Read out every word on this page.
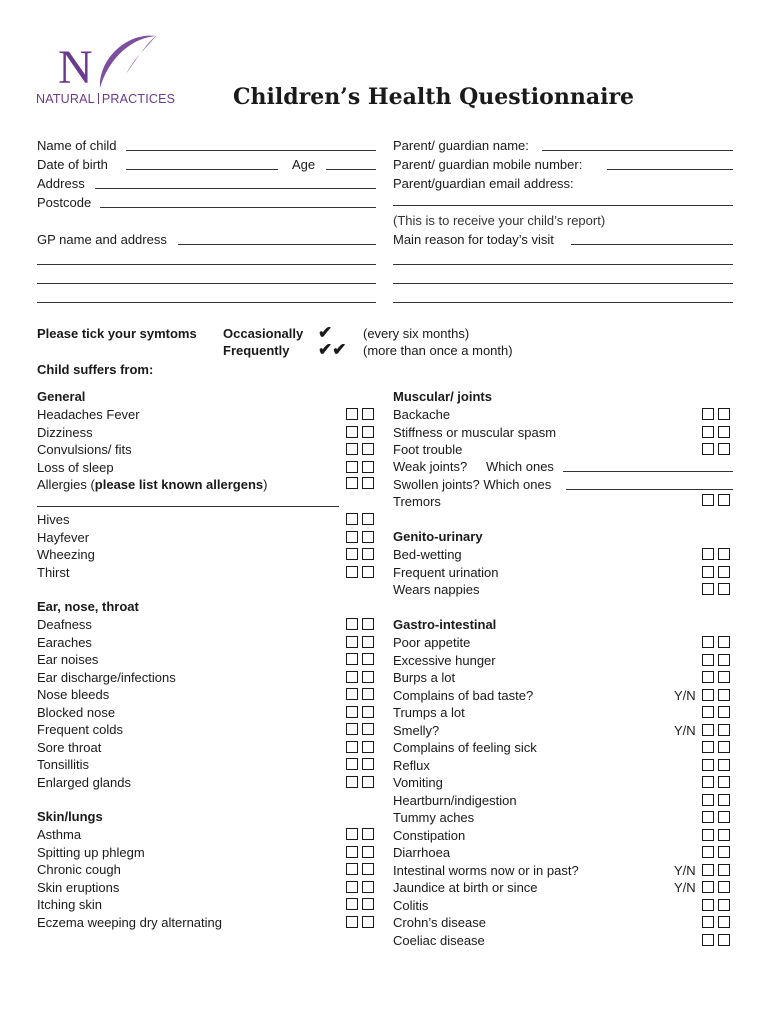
N
NATURAL PRACTICES	Children’s Health Questionnaire
Name of child
Date of birth	Age
Address
Postcode
GP name and address
Parent/ guardian name:
Parent/ guardian mobile number:
Parent/guardian email address:
(This is to receive your child’s report)
Main reason for today’s visit
Please tick your symtoms Occasionally ✔ (every six months)
Frequently ✔✔ (more than once a month)
Child suffers from:
General
Headaches Fever
Dizziness
Convulsions/ fits
Loss of sleep
Allergies (please list known allergens)
Hives
Hayfever
Wheezing
Thirst
Ear, nose, throat
Deafness
Earaches
Ear noises
Ear discharge/infections
Nose bleeds
Blocked nose
Frequent colds
Sore throat
Tonsillitis
Enlarged glands
Skin/lungs
Asthma
Spitting up phlegm
Chronic cough
Skin eruptions
Itching skin
Eczema weeping dry alternating
Muscular/ joints
Backache
Stiffness or muscular spasm
Foot trouble
Weak joints? Which ones
Swollen joints? Which ones
Tremors
Genito-urinary
Bed-wetting
Frequent urination
Wears nappies
Gastro-intestinal
Poor appetite
Excessive hunger
Burps a lot
Complains of bad taste?	Y/N
Trumps a lot
Smelly?	Y/N
Complains of feeling sick
Reflux
Vomiting
Heartburn/indigestion
Tummy aches
Constipation
Diarrhoea
Intestinal worms now or in past?	Y/N
Jaundice at birth or since	Y/N
Colitis
Crohn’s disease
Coeliac disease
